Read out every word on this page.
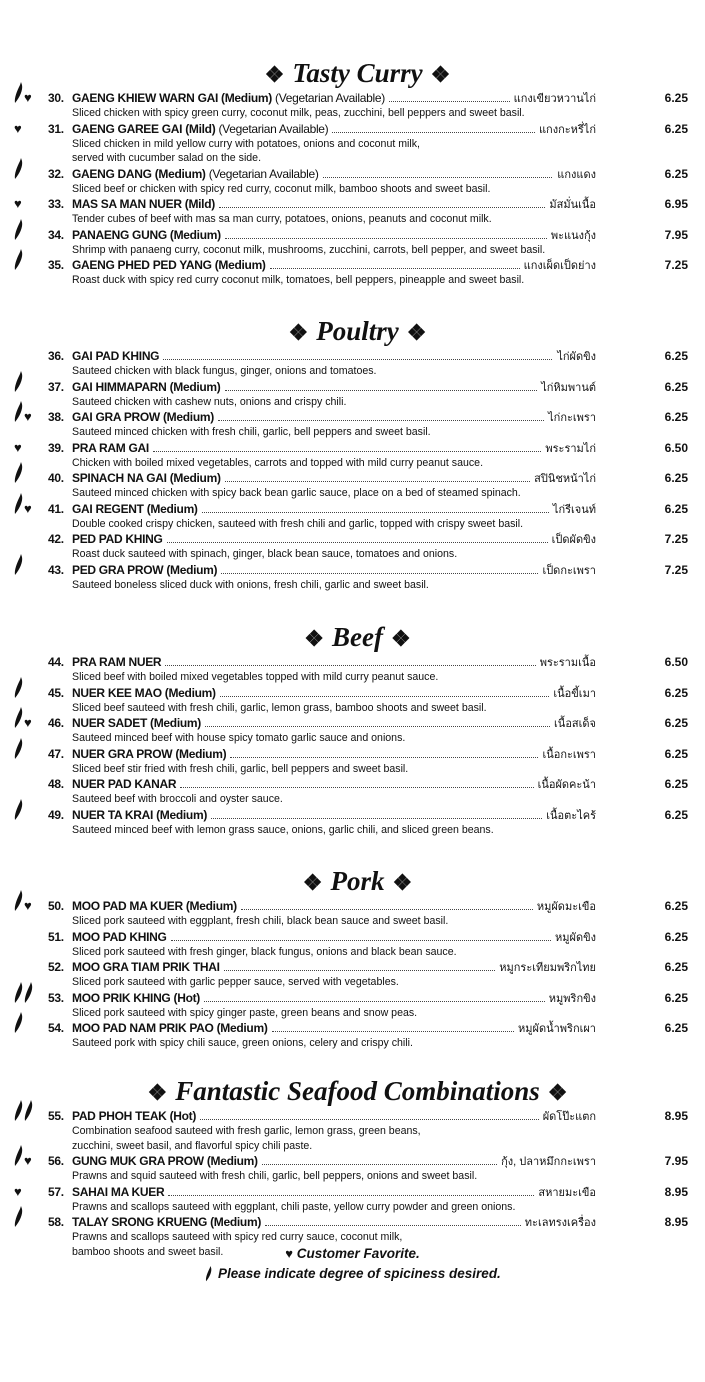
❖ Tasty Curry ❖
♥ 30. GAENG KHIEW WARN GAI (Medium) (Vegetarian Available)	แกงเขียวหวานไก่	6.25
Sliced chicken with spicy green curry, coconut milk, peas, zucchini, bell peppers and sweet basil.
♥ 31. GAENG GAREE GAI (Mild) (Vegetarian Available)	แกงกะหรี่ไก่	6.25
Sliced chicken in mild yellow curry with potatoes, onions and coconut milk,
served with cucumber salad on the side.
32. GAENG DANG (Medium) (Vegetarian Available)	แกงแดง	6.25
Sliced beef or chicken with spicy red curry, coconut milk, bamboo shoots and sweet basil.
♥ 33. MAS SA MAN NUER (Mild)	มัสมั่นเนื้อ	6.95
Tender cubes of beef with mas sa man curry, potatoes, onions, peanuts and coconut milk.
34. PANAENG GUNG (Medium)	พะแนงกุ้ง	7.95
Shrimp with panaeng curry, coconut milk, mushrooms, zucchini, carrots, bell pepper, and sweet basil.
35. GAENG PHED PED YANG (Medium)	แกงเผ็ดเป็ดย่าง	7.25
Roast duck with spicy red curry coconut milk, tomatoes, bell peppers, pineapple and sweet basil.
❖ Poultry ❖
36. GAI PAD KHING	ไก่ผัดขิง	6.25
Sauteed chicken with black fungus, ginger, onions and tomatoes.
37. GAI HIMMAPARN (Medium)	ไก่หิมพานต์	6.25
Sauteed chicken with cashew nuts, onions and crispy chili.
♥ 38. GAI GRA PROW (Medium)	ไก่กะเพรา	6.25
Sauteed minced chicken with fresh chili, garlic, bell peppers and sweet basil.
♥ 39. PRA RAM GAI	พระรามไก่	6.50
Chicken with boiled mixed vegetables, carrots and topped with mild curry peanut sauce.
40. SPINACH NA GAI (Medium)	สปินิชหน้าไก่	6.25
Sauteed minced chicken with spicy back bean garlic sauce, place on a bed of steamed spinach.
♥ 41. GAI REGENT (Medium)	ไก่รีเจนท์	6.25
Double cooked crispy chicken, sauteed with fresh chili and garlic, topped with crispy sweet basil.
42. PED PAD KHING	เป็ดผัดขิง	7.25
Roast duck sauteed with spinach, ginger, black bean sauce, tomatoes and onions.
43. PED GRA PROW (Medium)	เป็ดกะเพรา	7.25
Sauteed boneless sliced duck with onions, fresh chili, garlic and sweet basil.
❖ Beef ❖
44. PRA RAM NUER	พระรามเนื้อ	6.50
Sliced beef with boiled mixed vegetables topped with mild curry peanut sauce.
45. NUER KEE MAO (Medium)	เนื้อขี้เมา	6.25
Sliced beef sauteed with fresh chili, garlic, lemon grass, bamboo shoots and sweet basil.
♥ 46. NUER SADET (Medium)	เนื้อสเด็จ	6.25
Sauteed minced beef with house spicy tomato garlic sauce and onions.
47. NUER GRA PROW (Medium)	เนื้อกะเพรา	6.25
Sliced beef stir fried with fresh chili, garlic, bell peppers and sweet basil.
48. NUER PAD KANAR	เนื้อผัดคะน้า	6.25
Sauteed beef with broccoli and oyster sauce.
49. NUER TA KRAI (Medium)	เนื้อตะไคร้	6.25
Sauteed minced beef with lemon grass sauce, onions, garlic chili, and sliced green beans.
❖ Pork ❖
♥ 50. MOO PAD MA KUER (Medium)	หมูผัดมะเขือ	6.25
Sliced pork sauteed with eggplant, fresh chili, black bean sauce and sweet basil.
51. MOO PAD KHING	หมูผัดขิง	6.25
Sliced pork sauteed with fresh ginger, black fungus, onions and black bean sauce.
52. MOO GRA TIAM PRIK THAI	หมูกระเทียมพริกไทย	6.25
Sliced pork sauteed with garlic pepper sauce, served with vegetables.
53. MOO PRIK KHING (Hot)	หมูพริกขิง	6.25
Sliced pork sauteed with spicy ginger paste, green beans and snow peas.
54. MOO PAD NAM PRIK PAO (Medium)	หมูผัดน้ำพริกเผา	6.25
Sauteed pork with spicy chili sauce, green onions, celery and crispy chili.
❖ Fantastic Seafood Combinations ❖
55. PAD PHOH TEAK (Hot)	ผัดโป๊ะแตก	8.95
Combination seafood sauteed with fresh garlic, lemon grass, green beans,
zucchini, sweet basil, and flavorful spicy chili paste.
♥ 56. GUNG MUK GRA PROW (Medium)	กุ้ง, ปลาหมึกกะเพรา	7.95
Prawns and squid sauteed with fresh chili, garlic, bell peppers, onions and sweet basil.
♥ 57. SAHAI MA KUER	สหายมะเขือ	8.95
Prawns and scallops sauteed with eggplant, chili paste, yellow curry powder and green onions.
58. TALAY SRONG KRUENG (Medium)	ทะเลทรงเครื่อง	8.95
Prawns and scallops sauteed with spicy red curry sauce, coconut milk,
bamboo shoots and sweet basil.	♥ Customer Favorite.
Please indicate degree of spiciness desired.
